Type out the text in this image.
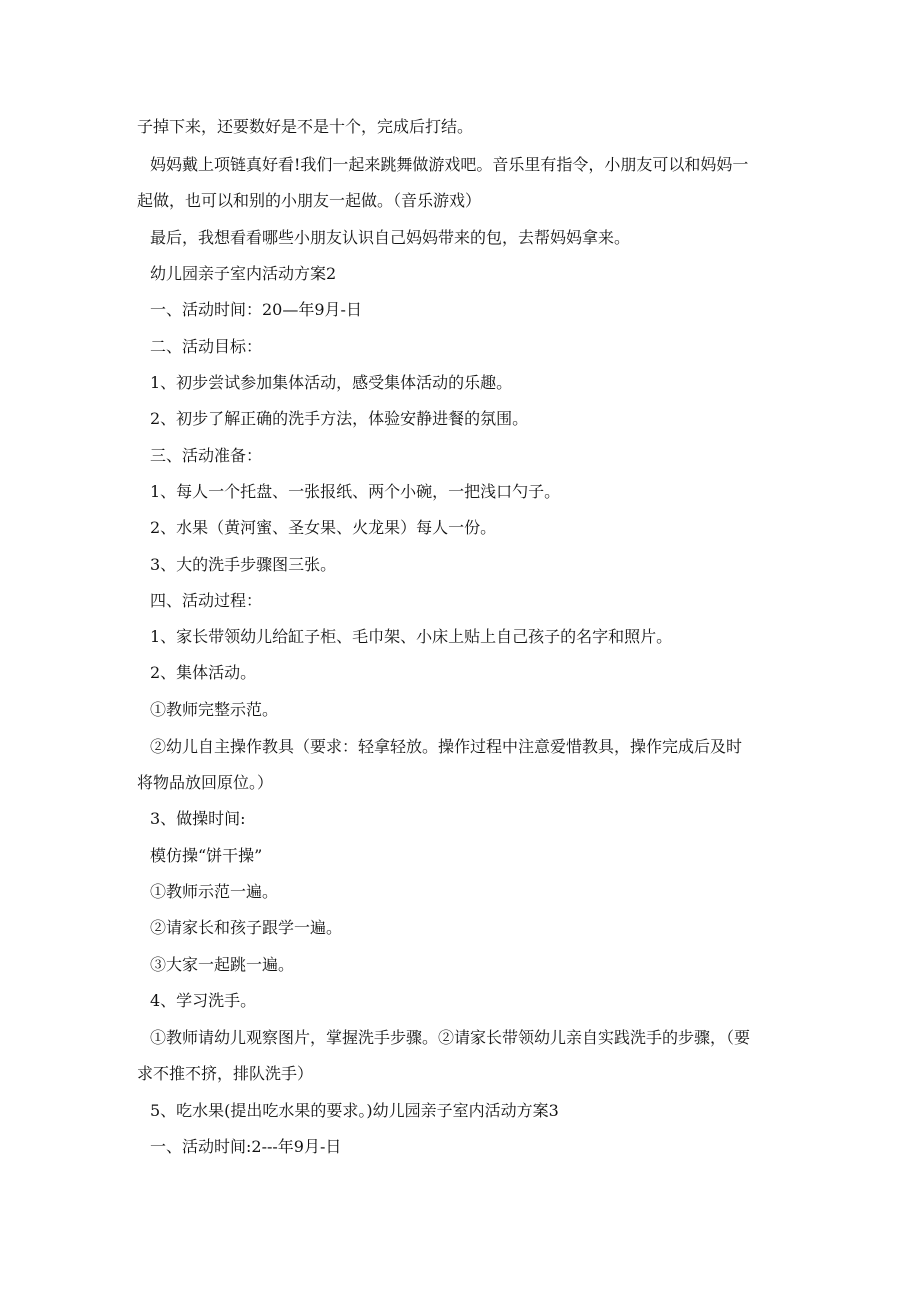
子掉下来，还要数好是不是十个，完成后打结。
妈妈戴上项链真好看!我们一起来跳舞做游戏吧。音乐里有指令，小朋友可以和妈妈一
起做，也可以和别的小朋友一起做。（音乐游戏）
最后，我想看看哪些小朋友认识自己妈妈带来的包，去帮妈妈拿来。
幼儿园亲子室内活动方案2
一、活动时间：20—年9月-日
二、活动目标：
1、初步尝试参加集体活动，感受集体活动的乐趣。
2、初步了解正确的洗手方法，体验安静进餐的氛围。
三、活动准备：
1、每人一个托盘、一张报纸、两个小碗，一把浅口勺子。
2、水果（黄河蜜、圣女果、火龙果）每人一份。
3、大的洗手步骤图三张。
四、活动过程：
1、家长带领幼儿给缸子柜、毛巾架、小床上贴上自己孩子的名字和照片。
2、集体活动。
①教师完整示范。
②幼儿自主操作教具（要求：轻拿轻放。操作过程中注意爱惜教具，操作完成后及时
将物品放回原位。）
3、做操时间:
模仿操“饼干操”
①教师示范一遍。
②请家长和孩子跟学一遍。
③大家一起跳一遍。
4、学习洗手。
①教师请幼儿观察图片，掌握洗手步骤。②请家长带领幼儿亲自实践洗手的步骤，（要
求不推不挤，排队洗手）
5、吃水果(提出吃水果的要求。)幼儿园亲子室内活动方案3
一、活动时间:2---年9月-日
